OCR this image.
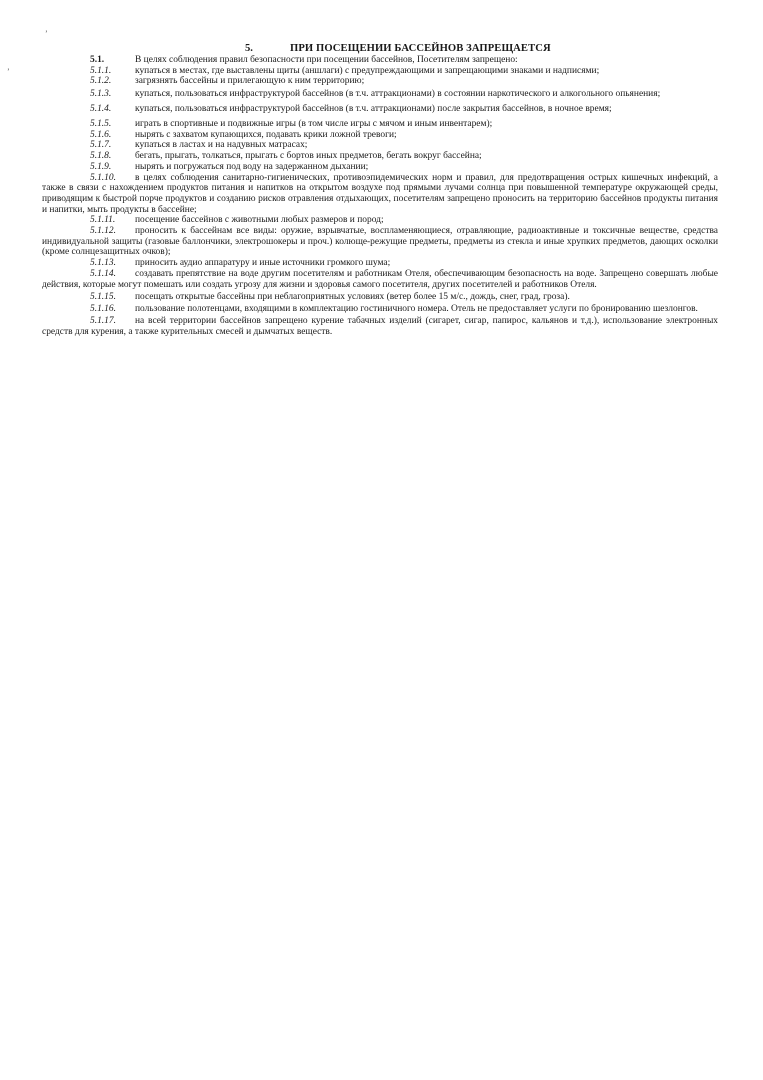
ʼ
ʼ
5.	ПРИ ПОСЕЩЕНИИ БАССЕЙНОВ ЗАПРЕЩАЕТСЯ

5.1.	В целях соблюдения правил безопасности при посещении бассейнов, Посетителям запрещено:

5.1.1.	купаться в местах, где выставлены щиты (аншлаги) с предупреждающими и запрещающими знаками и надписями;

5.1.2.	загрязнять бассейны и прилегающую к ним территорию;

5.1.3.	купаться, пользоваться инфраструктурой бассейнов (в т.ч. аттракционами) в состоянии наркотического и алкогольного опьянения;

5.1.4.	купаться, пользоваться инфраструктурой бассейнов (в т.ч. аттракционами) после закрытия бассейнов, в ночное время;

5.1.5.	играть в спортивные и подвижные игры (в том числе игры с мячом и иным инвентарем);

5.1.6.	нырять с захватом купающихся, подавать крики ложной тревоги;

5.1.7.	купаться в ластах и на надувных матрасах;

5.1.8.	бегать, прыгать, толкаться, прыгать с бортов иных предметов, бегать вокруг бассейна;

5.1.9.	нырять и погружаться под воду на задержанном дыхании;

5.1.10. в целях соблюдения санитарно-гигиенических, противоэпидемических норм и правил, для предотвращения острых кишечных инфекций, а также в связи с нахождением продуктов питания и напитков на открытом воздухе под прямыми лучами солнца при повышенной температуре окружающей среды, приводящим к быстрой порче продуктов и созданию рисков отравления отдыхающих, посетителям запрещено проносить на территорию бассейнов продукты питания и напитки, мыть продукты в бассейне;

5.1.11. посещение бассейнов с животными любых размеров и пород;

5.1.12. проносить к бассейнам все виды: оружие, взрывчатые, воспламеняющиеся, отравляющие, радиоактивные и токсичные веществе, средства индивидуальной защиты (газовые баллончики, электрошокеры и проч.) колюще-режущие предметы, предметы из стекла и иные хрупких предметов, дающих осколки (кроме солнцезащитных очков);

5.1.13. приносить аудио аппаратуру и иные источники громкого шума;

5.1.14. создавать препятствие на воде другим посетителям и работникам Отеля, обеспечивающим безопасность на воде. Запрещено совершать любые действия, которые могут помешать или создать угрозу для жизни и здоровья самого посетителя, других посетителей и работников Отеля.

5.1.15. посещать открытые бассейны при неблагоприятных условиях (ветер более 15 м/с., дождь, снег, град, гроза).

5.1.16. пользование полотенцами, входящими в комплектацию гостиничного номера. Отель не предоставляет услуги по бронированию шезлонгов.

5.1.17. на всей территории бассейнов запрещено курение табачных изделий (сигарет, сигар, папирос, кальянов и т.д.), использование электронных средств для курения, а также курительных смесей и дымчатых веществ.
